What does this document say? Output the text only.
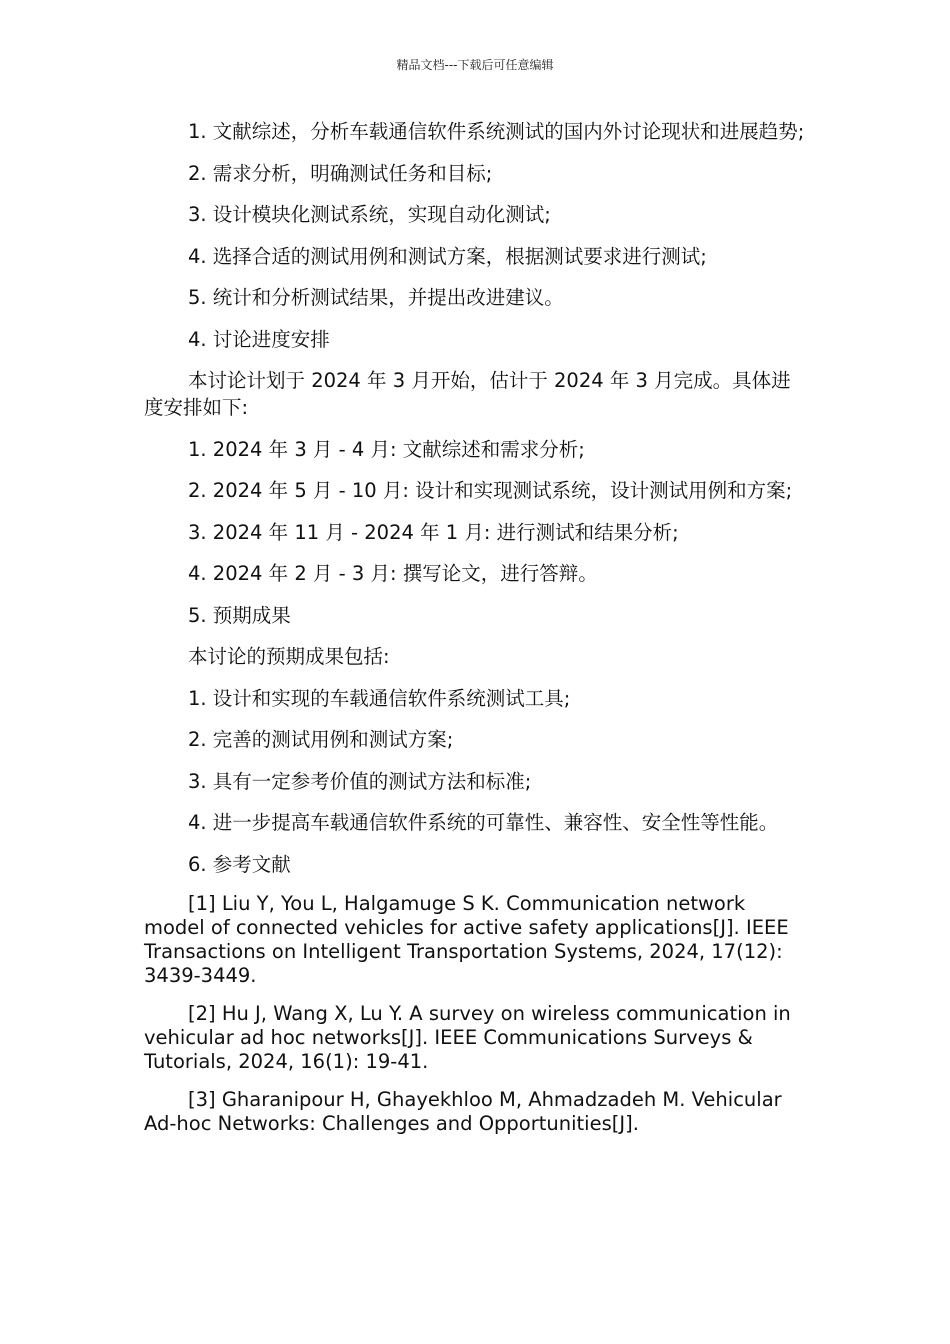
精品文档---下载后可任意编辑

1. 文献综述，分析车载通信软件系统测试的国内外讨论现状和进展趋势;

2. 需求分析，明确测试任务和目标;

3. 设计模块化测试系统，实现自动化测试;

4. 选择合适的测试用例和测试方案，根据测试要求进行测试;

5. 统计和分析测试结果，并提出改进建议。

4. 讨论进度安排

本讨论计划于 2024 年 3 月开始，估计于 2024 年 3 月完成。具体进度安排如下:

1. 2024 年 3 月 - 4 月: 文献综述和需求分析;

2. 2024 年 5 月 - 10 月: 设计和实现测试系统，设计测试用例和方案;

3. 2024 年 11 月 - 2024 年 1 月: 进行测试和结果分析;

4. 2024 年 2 月 - 3 月: 撰写论文，进行答辩。

5. 预期成果

本讨论的预期成果包括:

1. 设计和实现的车载通信软件系统测试工具;

2. 完善的测试用例和测试方案;

3. 具有一定参考价值的测试方法和标准;

4. 进一步提高车载通信软件系统的可靠性、兼容性、安全性等性能。

6. 参考文献

[1] Liu Y, You L, Halgamuge S K. Communication network model of connected vehicles for active safety applications[J]. IEEE Transactions on Intelligent Transportation Systems, 2024, 17(12): 3439-3449.

[2] Hu J, Wang X, Lu Y. A survey on wireless communication in vehicular ad hoc networks[J]. IEEE Communications Surveys & Tutorials, 2024, 16(1): 19-41.

[3] Gharanipour H, Ghayekhloo M, Ahmadzadeh M. Vehicular Ad-hoc Networks: Challenges and Opportunities[J].
